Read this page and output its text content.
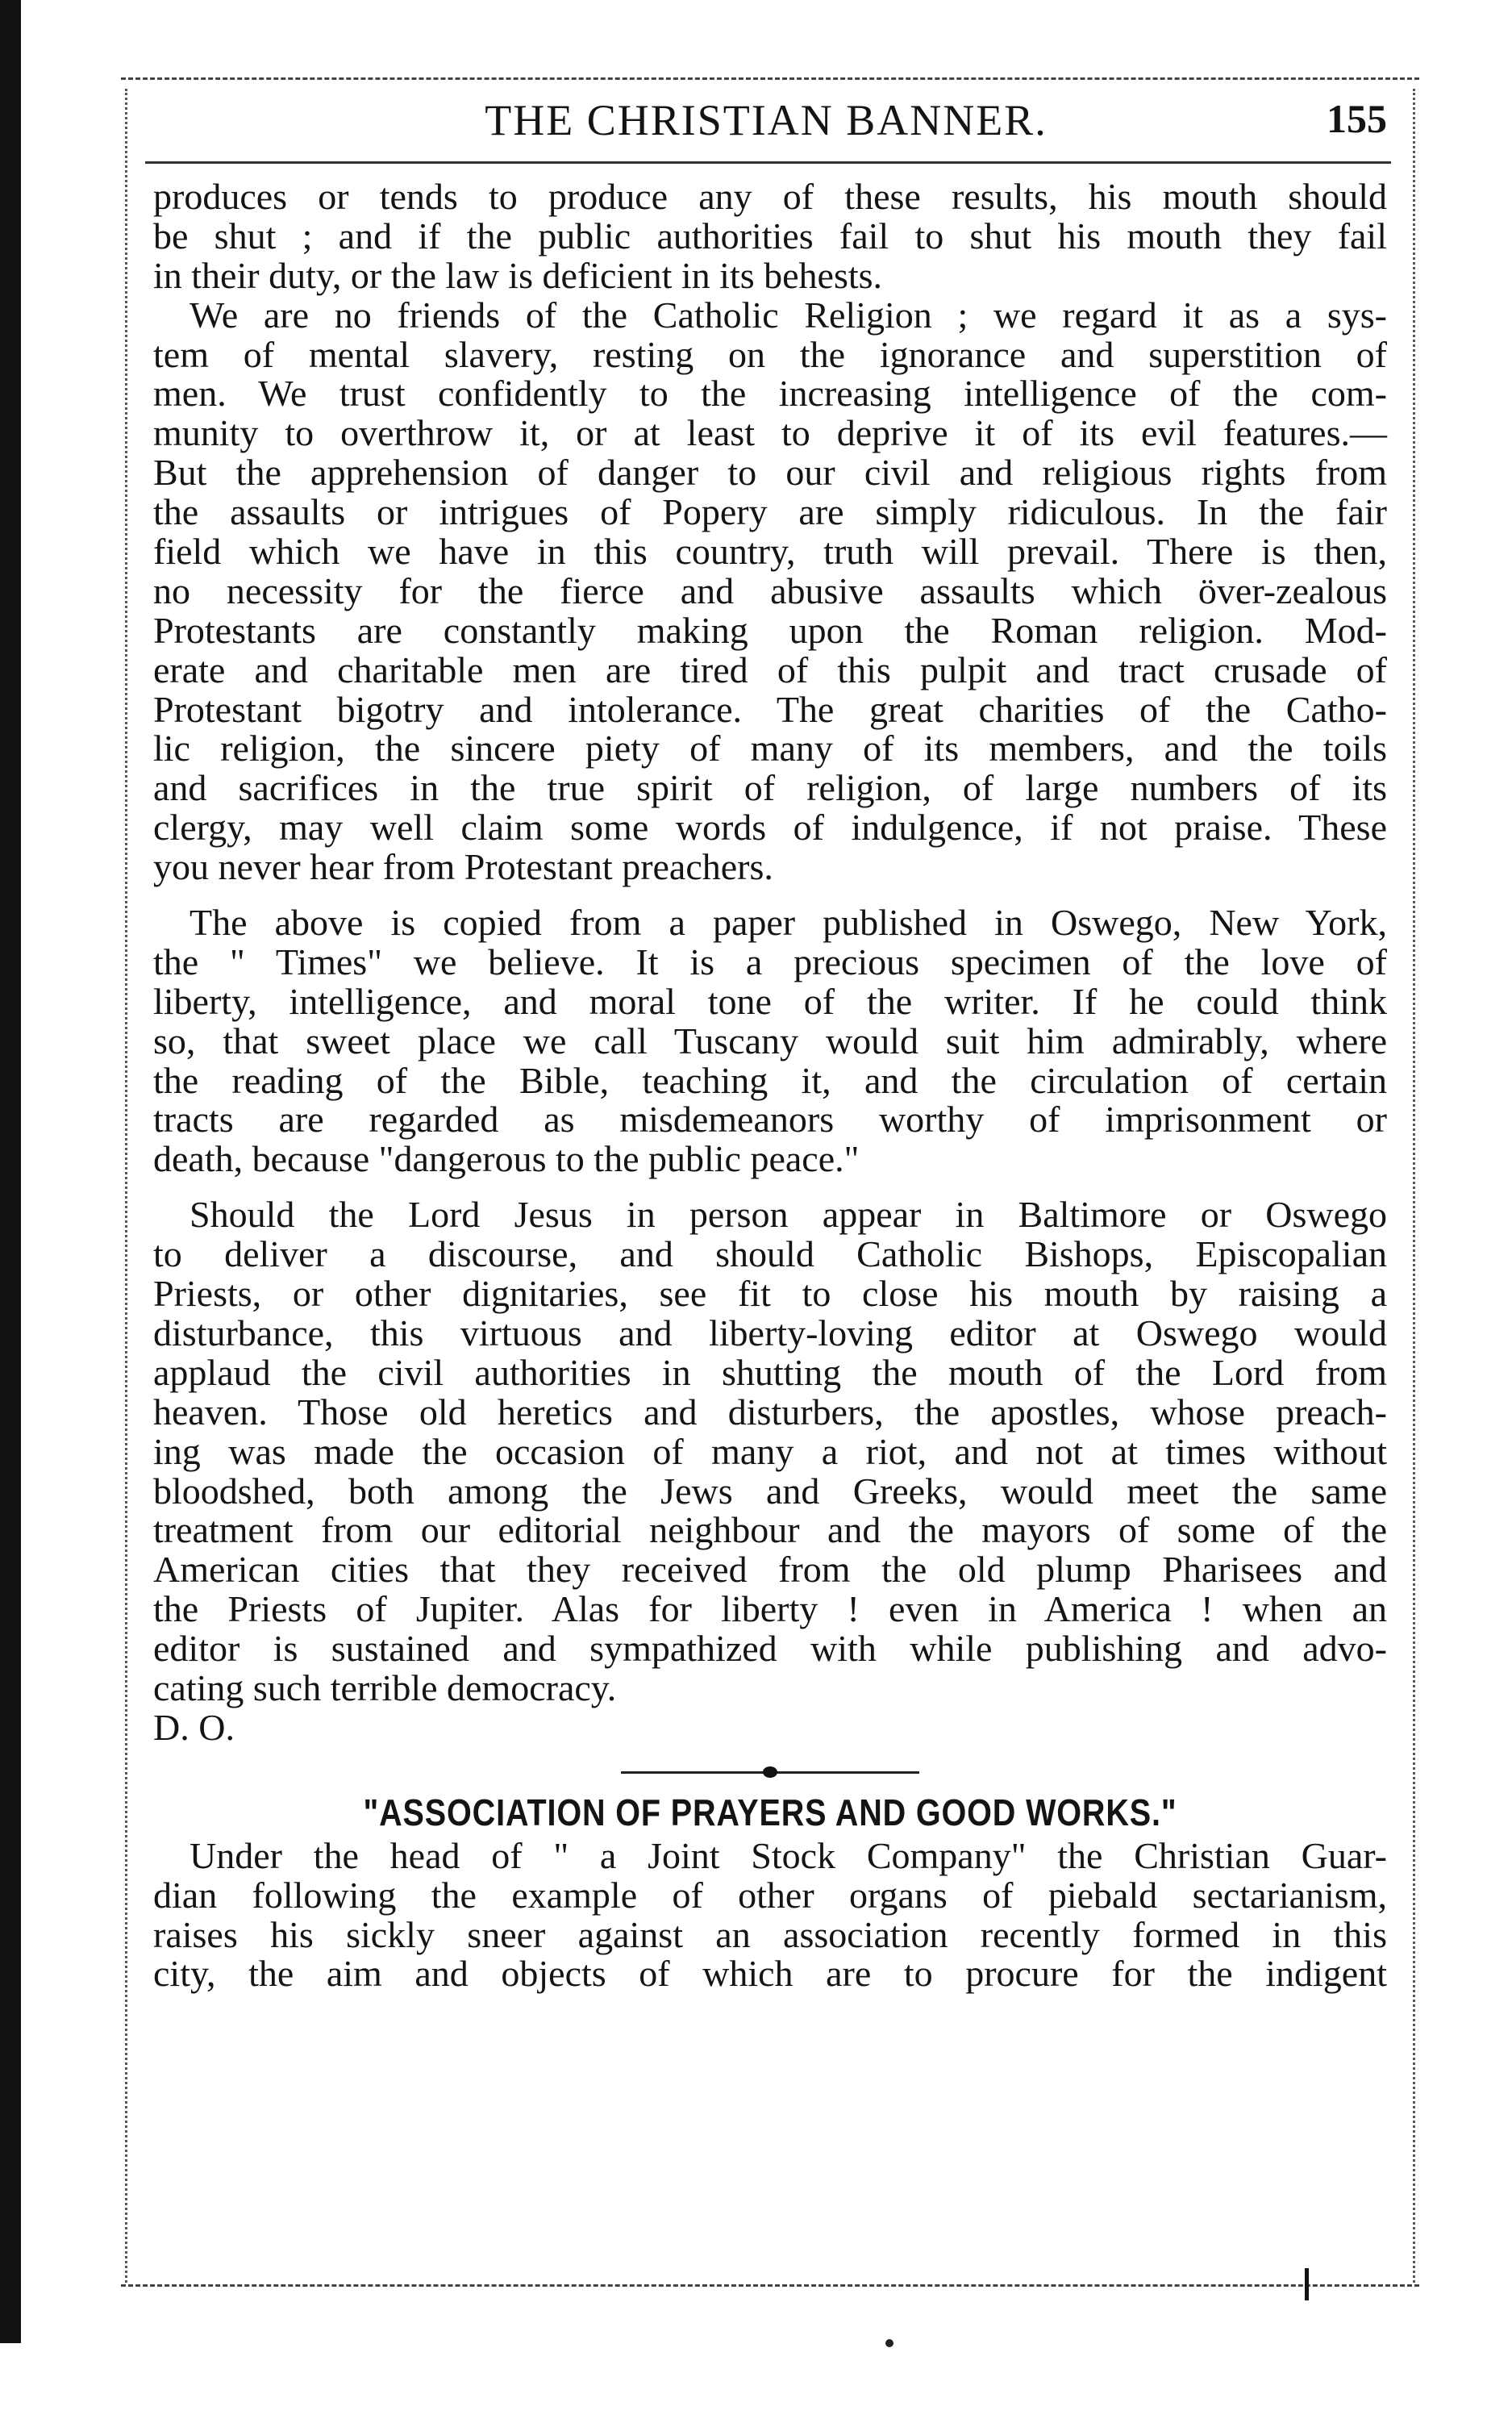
THE CHRISTIAN BANNER.	155
produces or tends to produce any of these results, his mouth should
be shut ; and if the public authorities fail to shut his mouth they fail
in their duty, or the law is deficient in its behests.
We are no friends of the Catholic Religion ; we regard it as a sys-
tem of mental slavery, resting on the ignorance and superstition of
men. We trust confidently to the increasing intelligence of the com-
munity to overthrow it, or at least to deprive it of its evil features.—
But the apprehension of danger to our civil and religious rights from
the assaults or intrigues of Popery are simply ridiculous. In the fair
field which we have in this country, truth will prevail. There is then,
no necessity for the fierce and abusive assaults which över-zealous
Protestants are constantly making upon the Roman religion. Mod-
erate and charitable men are tired of this pulpit and tract crusade of
Protestant bigotry and intolerance. The great charities of the Catho-
lic religion, the sincere piety of many of its members, and the toils
and sacrifices in the true spirit of religion, of large numbers of its
clergy, may well claim some words of indulgence, if not praise. These
you never hear from Protestant preachers.
The above is copied from a paper published in Oswego, New York,
the " Times" we believe. It is a precious specimen of the love of
liberty, intelligence, and moral tone of the writer. If he could think
so, that sweet place we call Tuscany would suit him admirably, where
the reading of the Bible, teaching it, and the circulation of certain
tracts are regarded as misdemeanors worthy of imprisonment or
death, because "dangerous to the public peace."
Should the Lord Jesus in person appear in Baltimore or Oswego
to deliver a discourse, and should Catholic Bishops, Episcopalian
Priests, or other dignitaries, see fit to close his mouth by raising a
disturbance, this virtuous and liberty-loving editor at Oswego would
applaud the civil authorities in shutting the mouth of the Lord from
heaven. Those old heretics and disturbers, the apostles, whose preach-
ing was made the occasion of many a riot, and not at times without
bloodshed, both among the Jews and Greeks, would meet the same
treatment from our editorial neighbour and the mayors of some of the
American cities that they received from the old plump Pharisees and
the Priests of Jupiter. Alas for liberty ! even in America ! when an
editor is sustained and sympathized with while publishing and advo-
cating such terrible democracy.
D. O.
"ASSOCIATION OF PRAYERS AND GOOD WORKS."
Under the head of " a Joint Stock Company" the Christian Guar-
dian following the example of other organs of piebald sectarianism,
raises his sickly sneer against an association recently formed in this
city, the aim and objects of which are to procure for the indigent
